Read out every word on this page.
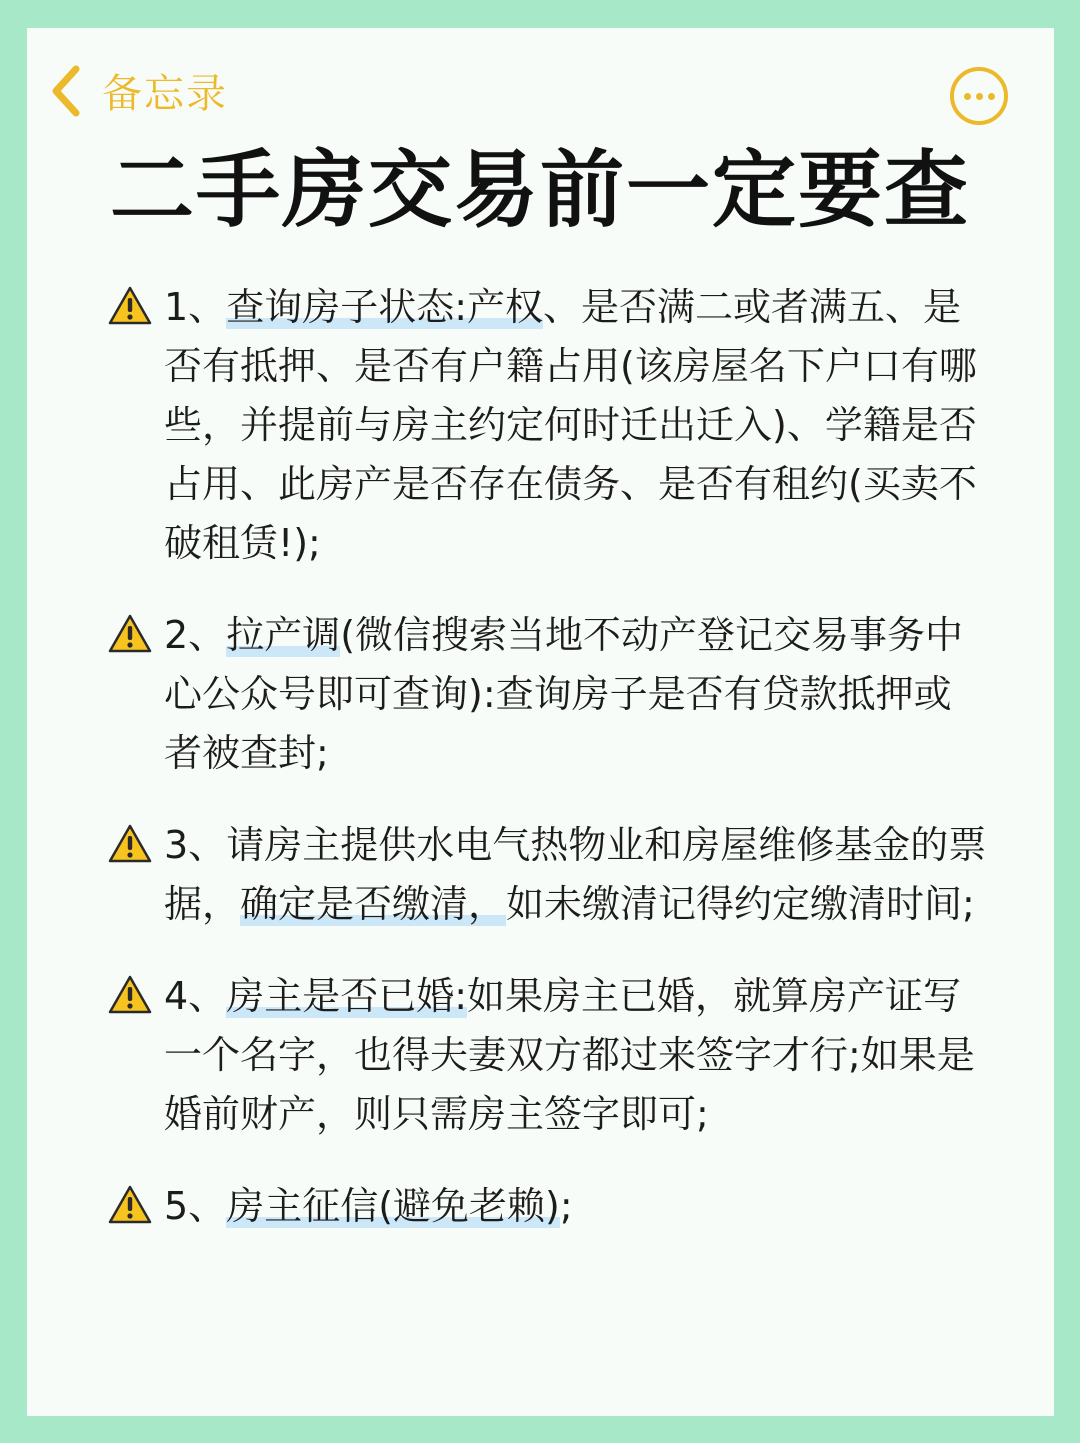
备忘录
二手房交易前一定要查
1、查询房子状态:产权、是否满二或者满五、是否有抵押、是否有户籍占用(该房屋名下户口有哪些，并提前与房主约定何时迁出迁入)、学籍是否占用、此房产是否存在债务、是否有租约(买卖不破租赁!);
2、拉产调(微信搜索当地不动产登记交易事务中心公众号即可查询):查询房子是否有贷款抵押或者被查封;
3、请房主提供水电气热物业和房屋维修基金的票据，确定是否缴清，如未缴清记得约定缴清时间;
4、房主是否已婚:如果房主已婚，就算房产证写一个名字，也得夫妻双方都过来签字才行;如果是婚前财产，则只需房主签字即可;
5、房主征信(避免老赖);
